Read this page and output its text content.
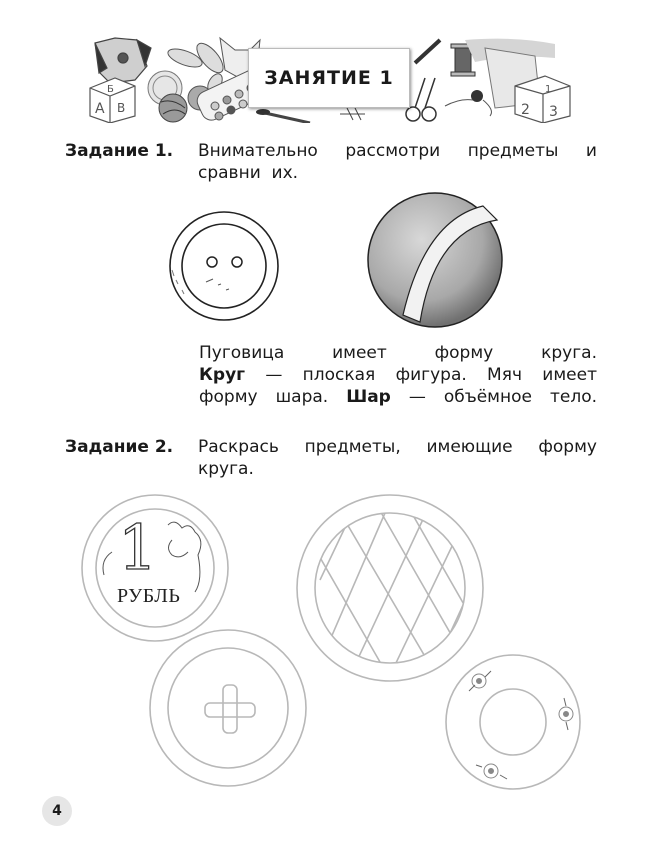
А В
Б	1
2 3
ЗАНЯТИЕ 1
Задание 1.	Внимательно рассмотри предметы и
сравни  их.
Пуговица	имеет	форму	круга.
Круг — плоская фигура. Мяч имеет
форму шара. Шар — объёмное тело.
Задание 2.	Раскрась предметы, имеющие форму
круга.
1
РУБЛЬ
4
